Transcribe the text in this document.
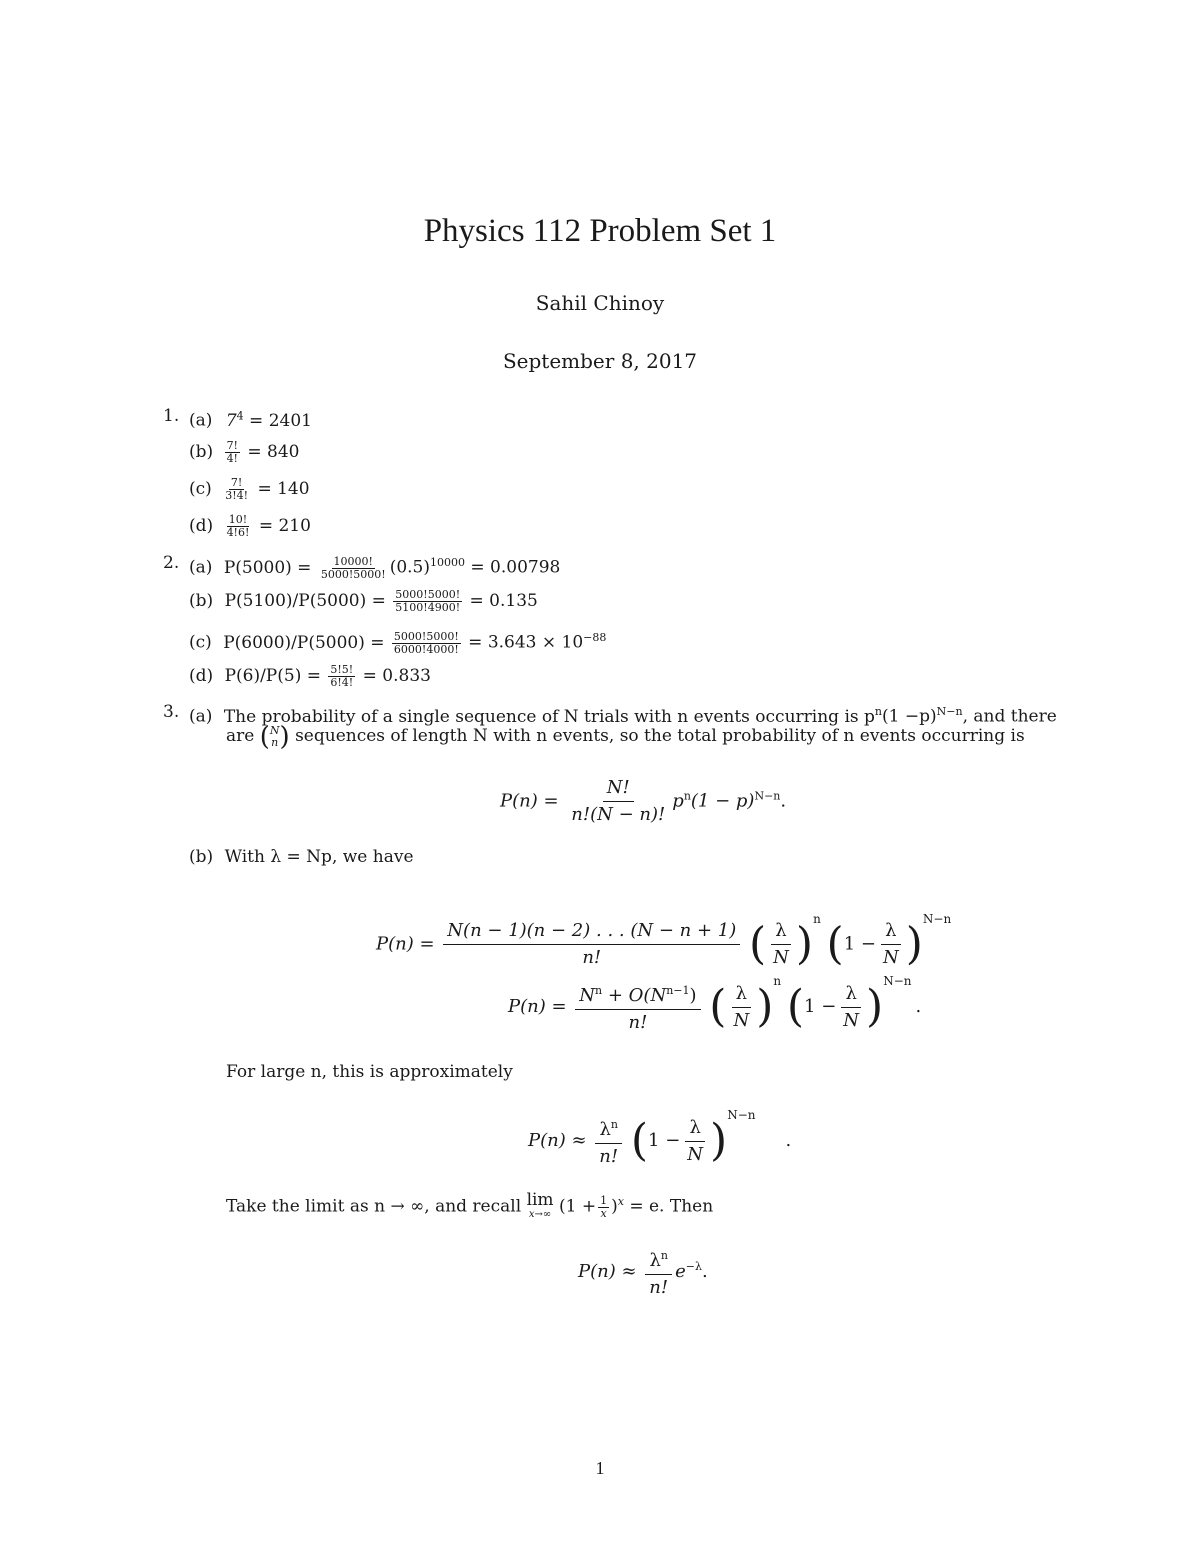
Physics 112 Problem Set 1
Sahil Chinoy
September 8, 2017
1. (a) $7^4 = 2401$
$(b) \frac{7!}{4!} = 840$
$(c) \frac{7!}{3!4!} = 140$
$(d) \frac{10!}{4!6!} = 210$
2. (a) $P(5000) = \frac{10000!}{5000!5000!} (0.5)^{10000} = 0.00798$
(b) $P(5100)/P(5000) = \frac{5000!5000!}{5100!4900!} = 0.135$
(c) $P(6000)/P(5000) = \frac{5000!5000!}{6000!4000!} = 3.643 \times 10^{-88}$
(d) $P(6)/P(5) = \frac{5!5!}{6!4!} = 0.833$
3. (a) The probability of a single sequence of N trials with n events occurring is $p^n(1 -p)^{N-n}$, and there
are ( N
n ) sequences of length N with n events, so the total probability of n events occurring is
$P(n) = \frac{N!}{n!(N - n)!} p^n(1 - p)^{N-n}$.
(b) With λ = Np, we have
$P(n) = \frac{N(n - 1)(n - 2) . . . (N - n + 1)}{n!}$ ( $\frac{\lambda}{N} )^n$ $(1 - \frac{\lambda}{N} )^{N-n}$
$P(n) = \frac{N^n + O(N^{n-1})}{n!}$ ( $\frac{\lambda}{N} )^n$ $(1 - \frac{\lambda}{N} )^{N-n}$.
For large n, this is approximately
$P(n) \approx \frac{\lambda^n}{n!} (1 - \frac{\lambda}{N} )^{N-n}$.
Take the limit as n → ∞, and recall lim
x→∞ $(1 + \frac{1}{x} )^x = e$. Then
$P(n) \approx \frac{\lambda^n}{n!} e^{-\lambda}$.
1
